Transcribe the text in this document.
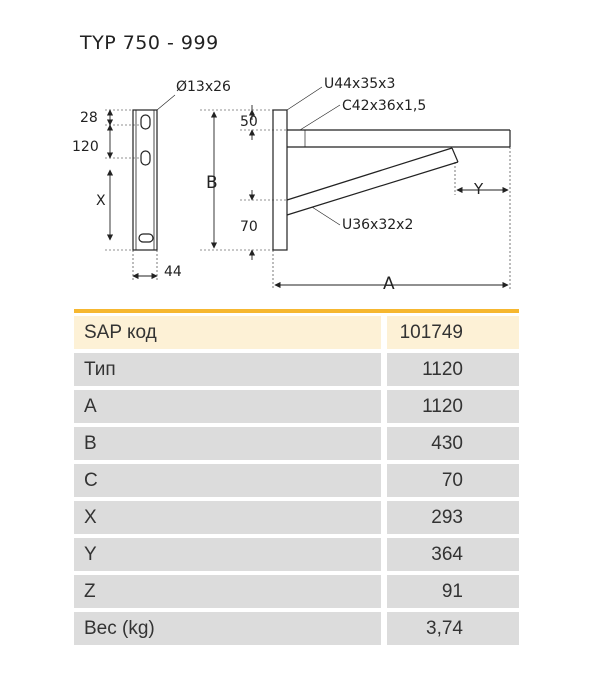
TYP 750 - 999
Ø13x26
28
120
X
44
50
B
70
A
Y
U44x35x3
C42x36x1,5
U36x32x2
SAP код	101749
Тип	1120
A	1120
B	430
C	70
X	293
Y	364
Z	91
Вес (kg)	3,74
